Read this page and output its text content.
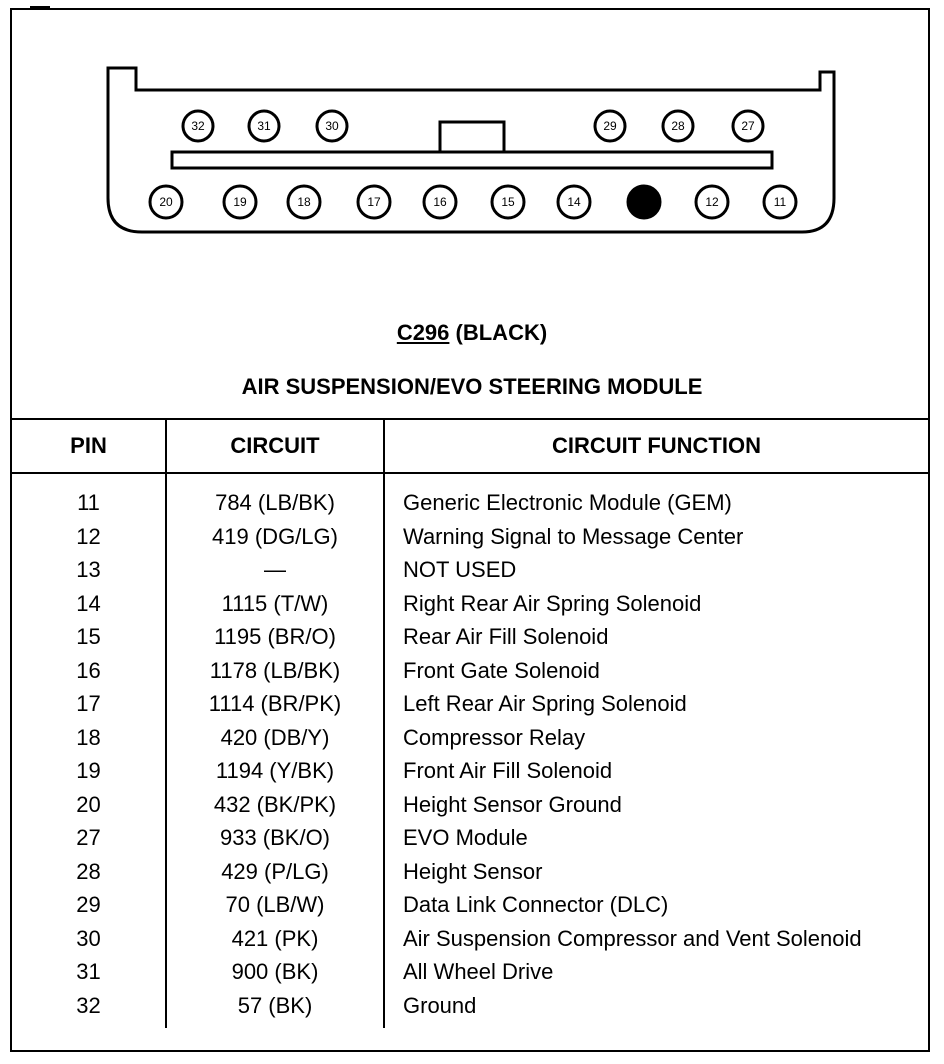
32	31	30	29	28	27
20	19	18	17	16	15	14	13	12	11
C296 (BLACK)
AIR SUSPENSION/EVO STEERING MODULE
PIN	CIRCUIT	CIRCUIT FUNCTION
11	784 (LB/BK)	Generic Electronic Module (GEM)
12	419 (DG/LG)	Warning Signal to Message Center
13	—	NOT USED
14	1115 (T/W)	Right Rear Air Spring Solenoid
15	1195 (BR/O)	Rear Air Fill Solenoid
16	1178 (LB/BK)	Front Gate Solenoid
17	1114 (BR/PK)	Left Rear Air Spring Solenoid
18	420 (DB/Y)	Compressor Relay
19	1194 (Y/BK)	Front Air Fill Solenoid
20	432 (BK/PK)	Height Sensor Ground
27	933 (BK/O)	EVO Module
28	429 (P/LG)	Height Sensor
29	70 (LB/W)	Data Link Connector (DLC)
30	421 (PK)	Air Suspension Compressor and Vent Solenoid
31	900 (BK)	All Wheel Drive
32	57 (BK)	Ground
